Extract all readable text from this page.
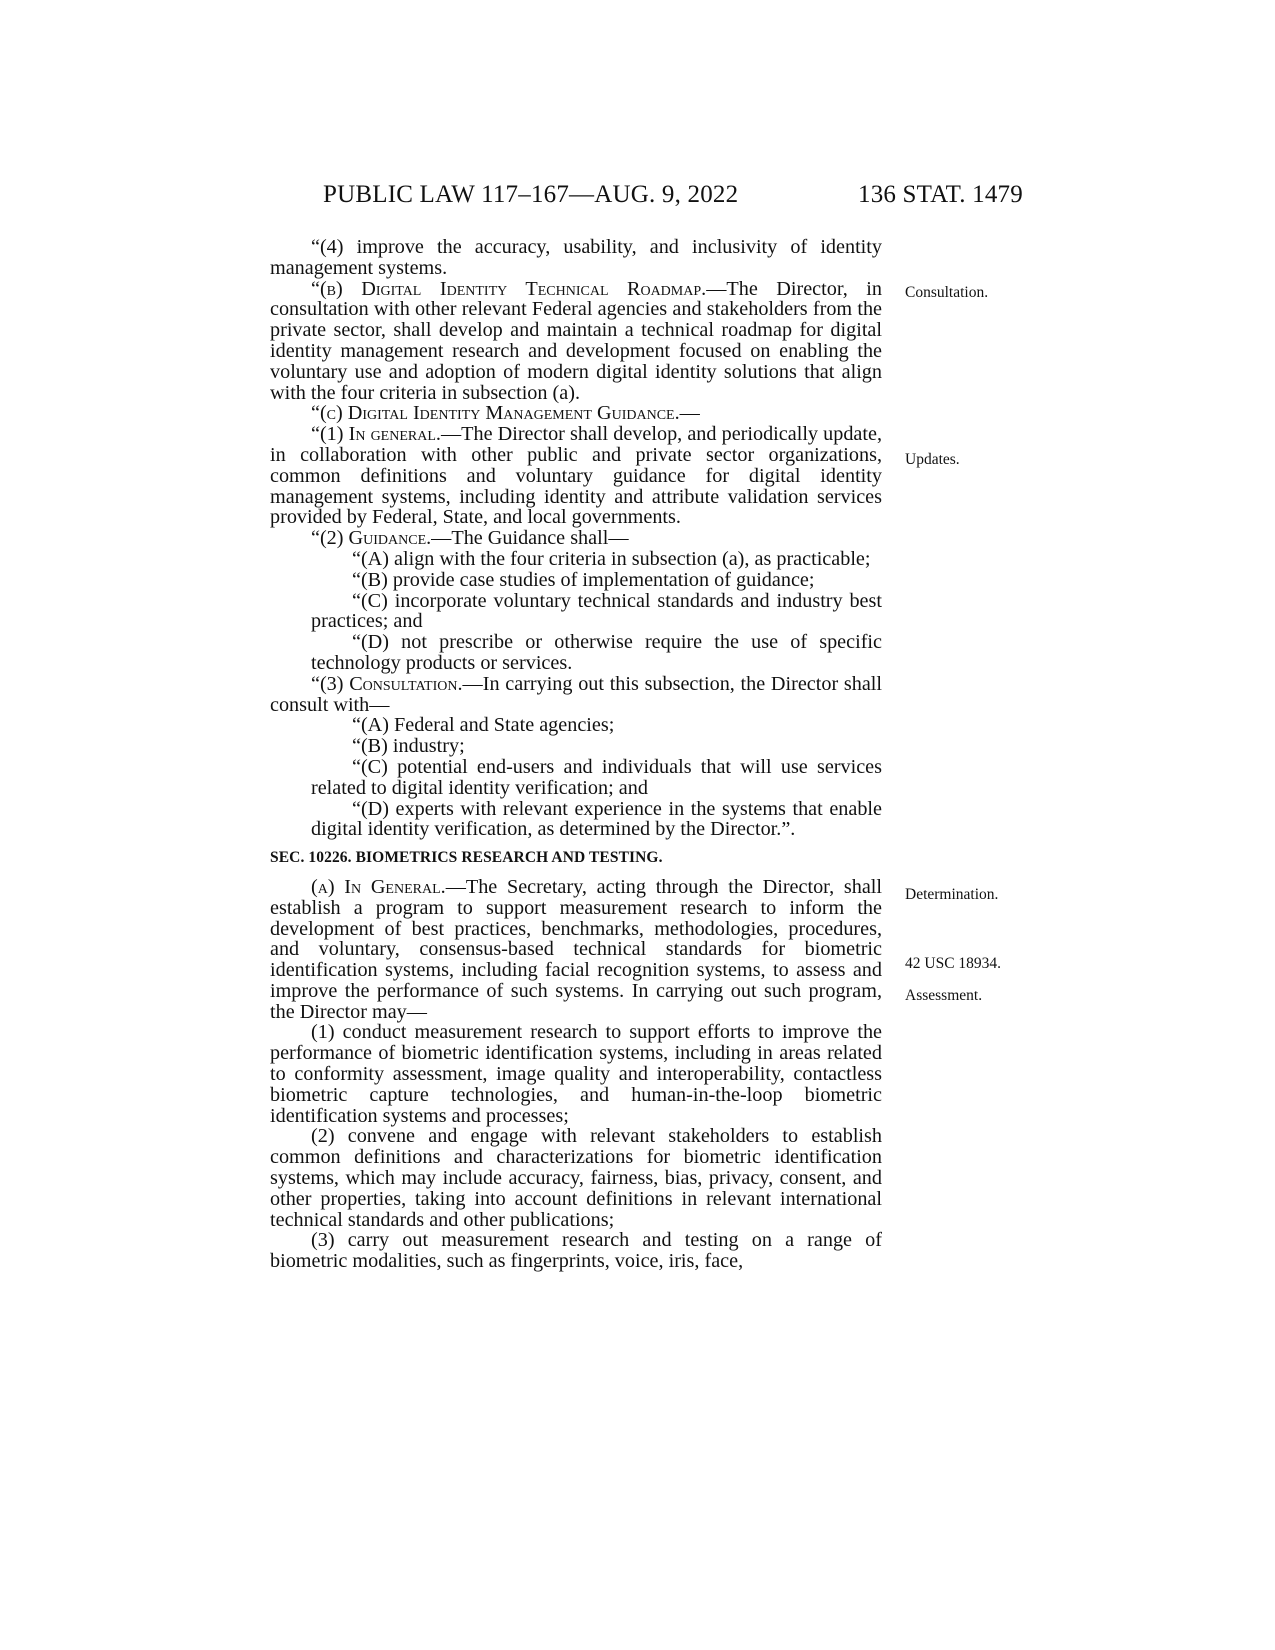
PUBLIC LAW 117–167—AUG. 9, 2022	136 STAT. 1479

“(4) improve the accuracy, usability, and inclusivity of identity management systems.

“(b) Digital Identity Technical Roadmap.—The Director, in consultation with other relevant Federal agencies and stakeholders from the private sector, shall develop and maintain a technical roadmap for digital identity management research and development focused on enabling the voluntary use and adoption of modern digital identity solutions that align with the four criteria in subsection (a).

“(c) Digital Identity Management Guidance.—

“(1) In general.—The Director shall develop, and periodically update, in collaboration with other public and private sector organizations, common definitions and voluntary guidance for digital identity management systems, including identity and attribute validation services provided by Federal, State, and local governments.

“(2) Guidance.—The Guidance shall—

“(A) align with the four criteria in subsection (a), as practicable;

“(B) provide case studies of implementation of guidance;

“(C) incorporate voluntary technical standards and industry best practices; and

“(D) not prescribe or otherwise require the use of specific technology products or services.

“(3) Consultation.—In carrying out this subsection, the Director shall consult with—

“(A) Federal and State agencies;

“(B) industry;

“(C) potential end-users and individuals that will use services related to digital identity verification; and

“(D) experts with relevant experience in the systems that enable digital identity verification, as determined by the Director.”.

SEC. 10226. BIOMETRICS RESEARCH AND TESTING.

(a) In General.—The Secretary, acting through the Director, shall establish a program to support measurement research to inform the development of best practices, benchmarks, methodologies, procedures, and voluntary, consensus-based technical standards for biometric identification systems, including facial recognition systems, to assess and improve the performance of such systems. In carrying out such program, the Director may—

(1) conduct measurement research to support efforts to improve the performance of biometric identification systems, including in areas related to conformity assessment, image quality and interoperability, contactless biometric capture technologies, and human-in-the-loop biometric identification systems and processes;

(2) convene and engage with relevant stakeholders to establish common definitions and characterizations for biometric identification systems, which may include accuracy, fairness, bias, privacy, consent, and other properties, taking into account definitions in relevant international technical standards and other publications;

(3) carry out measurement research and testing on a range of biometric modalities, such as fingerprints, voice, iris, face,

Consultation.
Updates.
Determination.
42 USC 18934.
Assessment.
